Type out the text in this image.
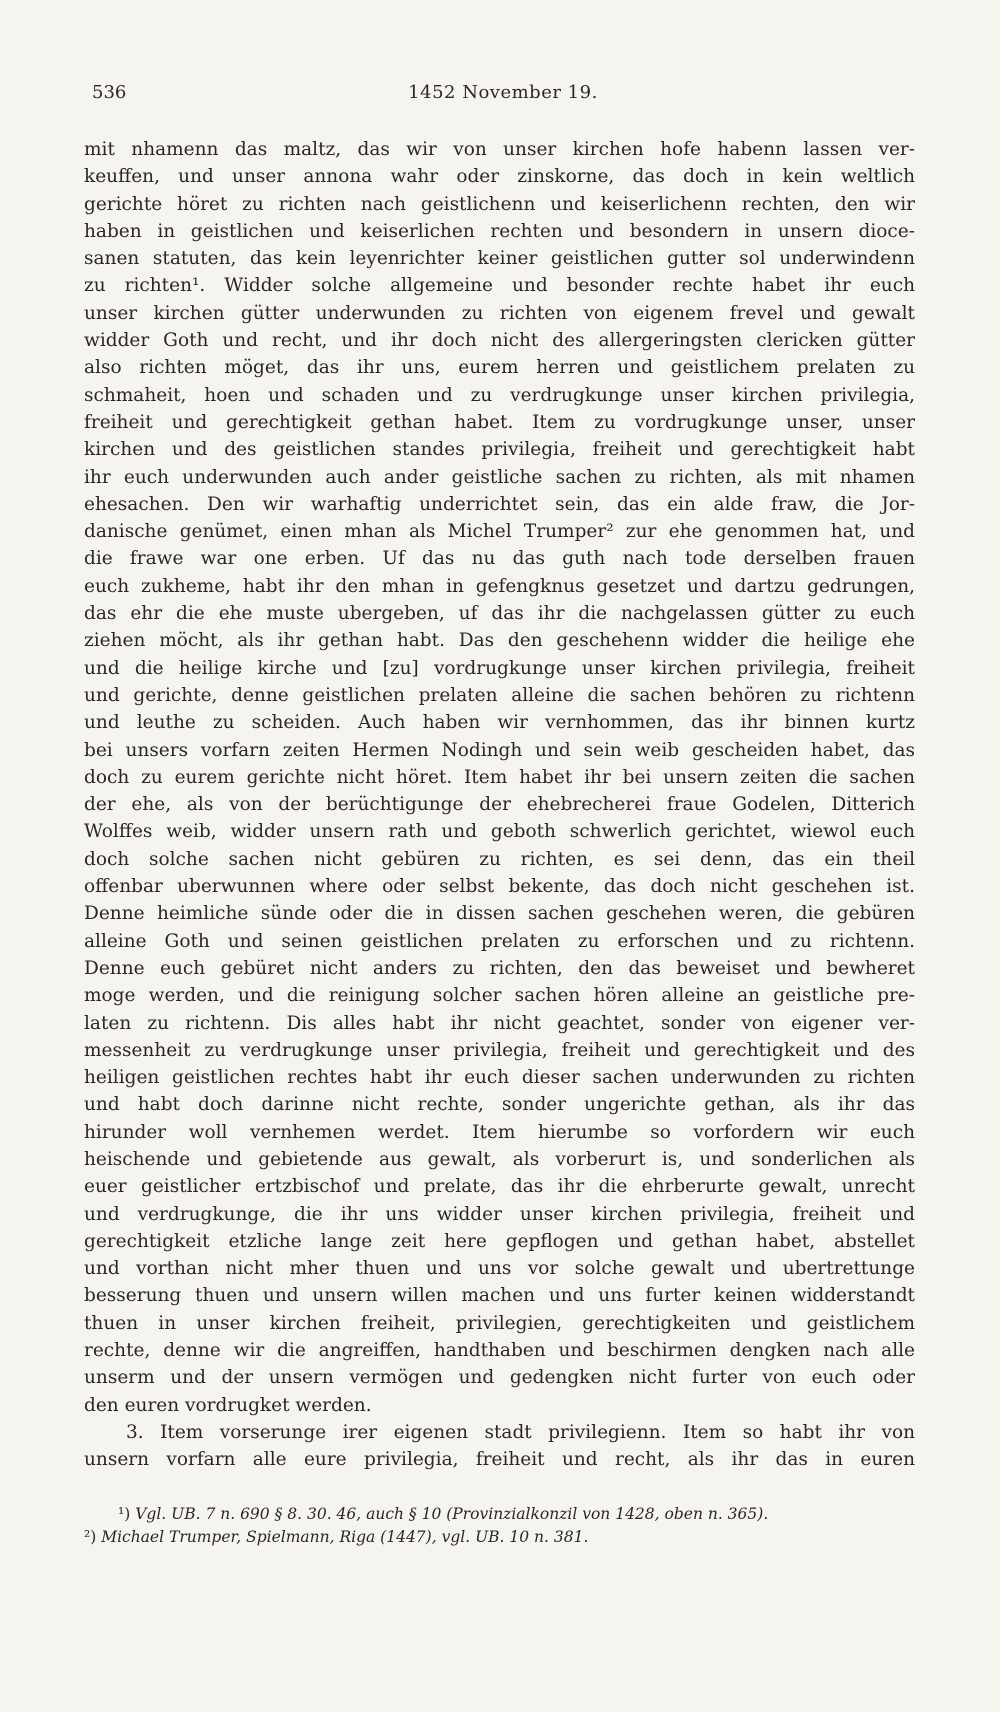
536	1452 November 19.
mit nhamenn das maltz, das wir von unser kirchen hofe habenn lassen ver-
keuffen, und unser annona wahr oder zinskorne, das doch in kein weltlich
gerichte höret zu richten nach geistlichenn und keiserlichenn rechten, den wir
haben in geistlichen und keiserlichen rechten und besondern in unsern dioce-
sanen statuten, das kein leyenrichter keiner geistlichen gutter sol underwindenn
zu richten¹. Widder solche allgemeine und besonder rechte habet ihr euch
unser kirchen gütter underwunden zu richten von eigenem frevel und gewalt
widder Goth und recht, und ihr doch nicht des allergeringsten clericken gütter
also richten möget, das ihr uns, eurem herren und geistlichem prelaten zu
schmaheit, hoen und schaden und zu verdrugkunge unser kirchen privilegia,
freiheit und gerechtigkeit gethan habet. Item zu vordrugkunge unser, unser
kirchen und des geistlichen standes privilegia, freiheit und gerechtigkeit habt
ihr euch underwunden auch ander geistliche sachen zu richten, als mit nhamen
ehesachen. Den wir warhaftig underrichtet sein, das ein alde fraw, die Jor-
danische genümet, einen mhan als Michel Trumper² zur ehe genommen hat, und
die frawe war one erben. Uf das nu das guth nach tode derselben frauen
euch zukheme, habt ihr den mhan in gefengknus gesetzet und dartzu gedrungen,
das ehr die ehe muste ubergeben, uf das ihr die nachgelassen gütter zu euch
ziehen möcht, als ihr gethan habt. Das den geschehenn widder die heilige ehe
und die heilige kirche und [zu] vordrugkunge unser kirchen privilegia, freiheit
und gerichte, denne geistlichen prelaten alleine die sachen behören zu richtenn
und leuthe zu scheiden. Auch haben wir vernhommen, das ihr binnen kurtz
bei unsers vorfarn zeiten Hermen Nodingh und sein weib gescheiden habet, das
doch zu eurem gerichte nicht höret. Item habet ihr bei unsern zeiten die sachen
der ehe, als von der berüchtigunge der ehebrecherei fraue Godelen, Ditterich
Wolffes weib, widder unsern rath und geboth schwerlich gerichtet, wiewol euch
doch solche sachen nicht gebüren zu richten, es sei denn, das ein theil
offenbar uberwunnen where oder selbst bekente, das doch nicht geschehen ist.
Denne heimliche sünde oder die in dissen sachen geschehen weren, die gebüren
alleine Goth und seinen geistlichen prelaten zu erforschen und zu richtenn.
Denne euch gebüret nicht anders zu richten, den das beweiset und bewheret
moge werden, und die reinigung solcher sachen hören alleine an geistliche pre-
laten zu richtenn. Dis alles habt ihr nicht geachtet, sonder von eigener ver-
messenheit zu verdrugkunge unser privilegia, freiheit und gerechtigkeit und des
heiligen geistlichen rechtes habt ihr euch dieser sachen underwunden zu richten
und habt doch darinne nicht rechte, sonder ungerichte gethan, als ihr das
hirunder woll vernhemen werdet. Item hierumbe so vorfordern wir euch
heischende und gebietende aus gewalt, als vorberurt is, und sonderlichen als
euer geistlicher ertzbischof und prelate, das ihr die ehrberurte gewalt, unrecht
und verdrugkunge, die ihr uns widder unser kirchen privilegia, freiheit und
gerechtigkeit etzliche lange zeit here gepflogen und gethan habet, abstellet
und vorthan nicht mher thuen und uns vor solche gewalt und ubertrettunge
besserung thuen und unsern willen machen und uns furter keinen widderstandt
thuen in unser kirchen freiheit, privilegien, gerechtigkeiten und geistlichem
rechte, denne wir die angreiffen, handthaben und beschirmen dengken nach alle
unserm und der unsern vermögen und gedengken nicht furter von euch oder
den euren vordrugket werden.
3. Item vorserunge irer eigenen stadt privilegienn. Item so habt ihr von
unsern vorfarn alle eure privilegia, freiheit und recht, als ihr das in euren
¹) Vgl. UB. 7 n. 690 § 8. 30. 46, auch § 10 (Provinzialkonzil von 1428, oben n. 365).
²) Michael Trumper, Spielmann, Riga (1447), vgl. UB. 10 n. 381.
